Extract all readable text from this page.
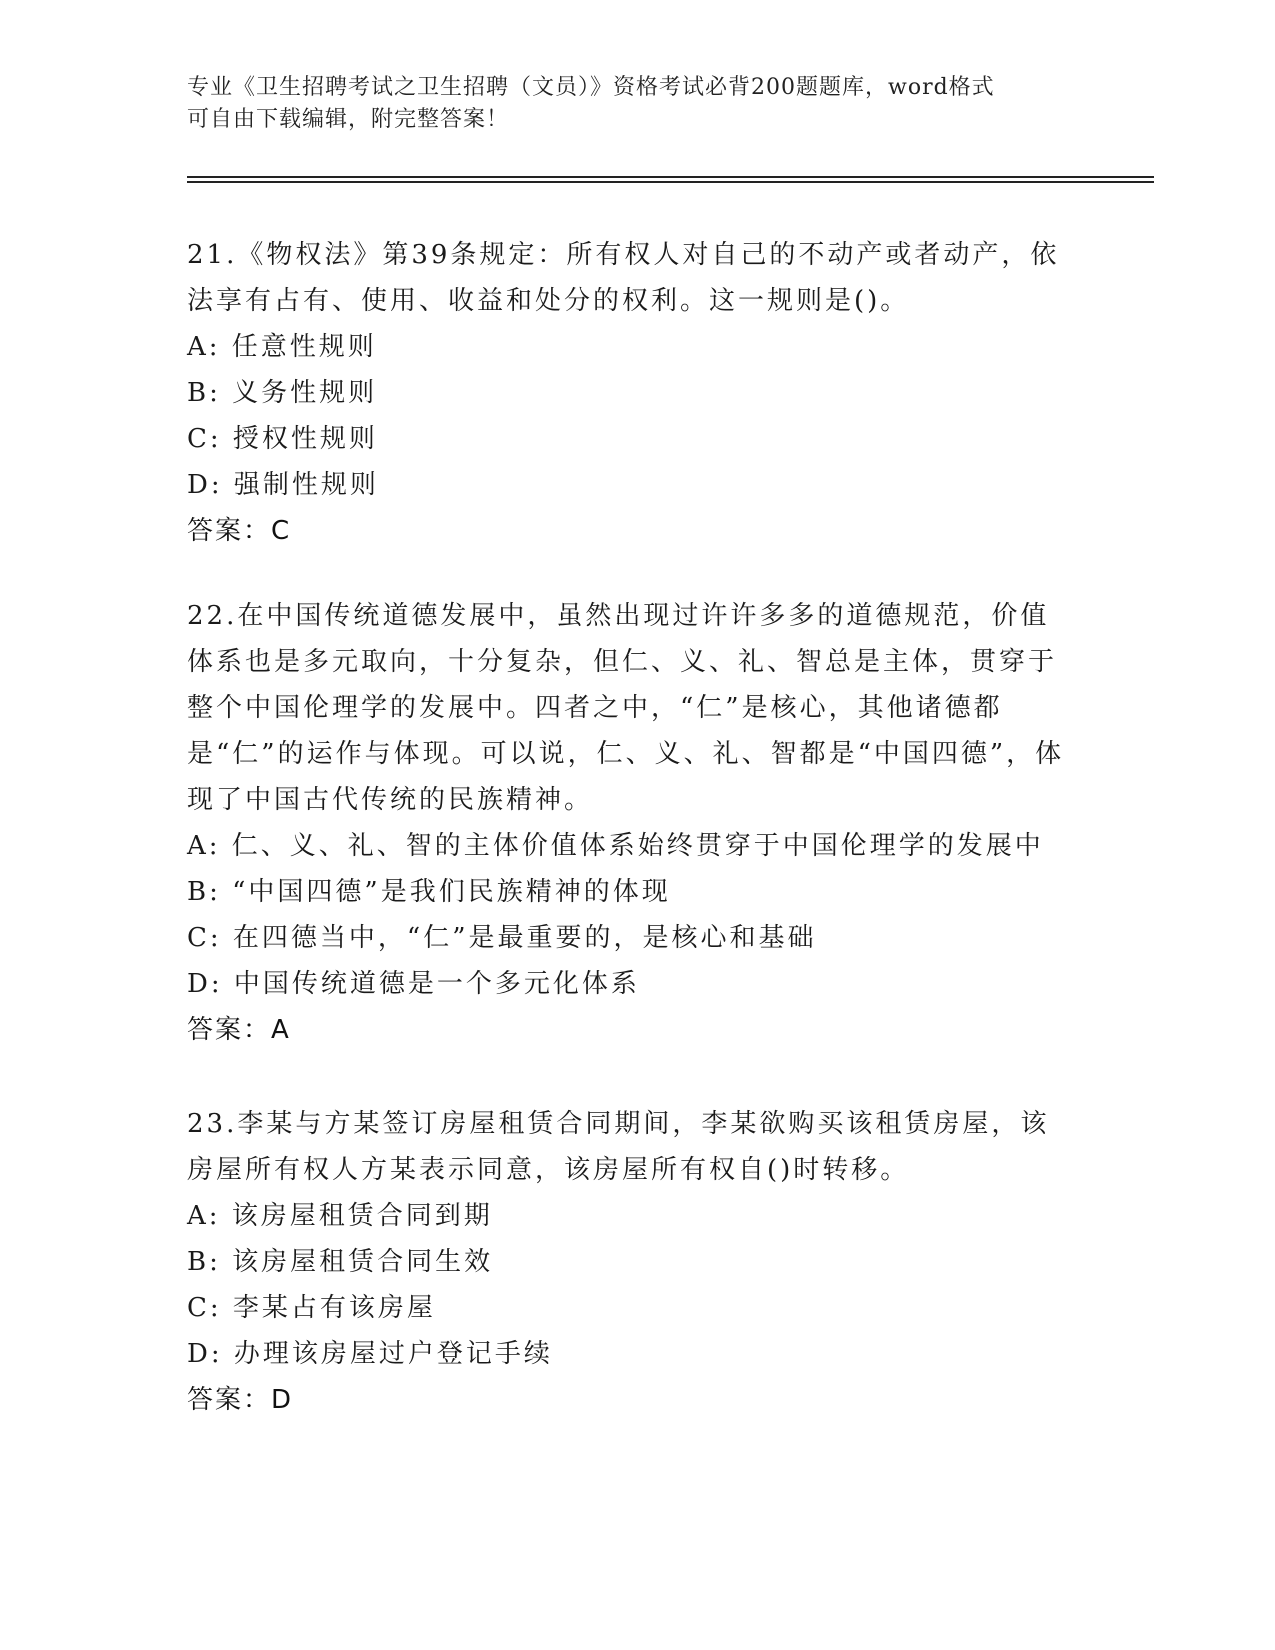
专业《卫生招聘考试之卫生招聘（文员）》资格考试必背200题题库，word格式
可自由下载编辑，附完整答案！

21.《物权法》第39条规定：所有权人对自己的不动产或者动产，依法享有占有、使用、收益和处分的权利。这一规则是()。

A: 任意性规则

B: 义务性规则

C: 授权性规则

D: 强制性规则

答案：C

22.在中国传统道德发展中，虽然出现过许许多多的道德规范，价值体系也是多元取向，十分复杂，但仁、义、礼、智总是主体，贯穿于整个中国伦理学的发展中。四者之中，“仁”是核心，其他诸德都是“仁”的运作与体现。可以说，仁、义、礼、智都是“中国四德”，体现了中国古代传统的民族精神。

A: 仁、义、礼、智的主体价值体系始终贯穿于中国伦理学的发展中

B: “中国四德”是我们民族精神的体现

C: 在四德当中，“仁”是最重要的，是核心和基础

D: 中国传统道德是一个多元化体系

答案：A

23.李某与方某签订房屋租赁合同期间，李某欲购买该租赁房屋，该房屋所有权人方某表示同意，该房屋所有权自()时转移。

A: 该房屋租赁合同到期

B: 该房屋租赁合同生效

C: 李某占有该房屋

D: 办理该房屋过户登记手续

答案：D
